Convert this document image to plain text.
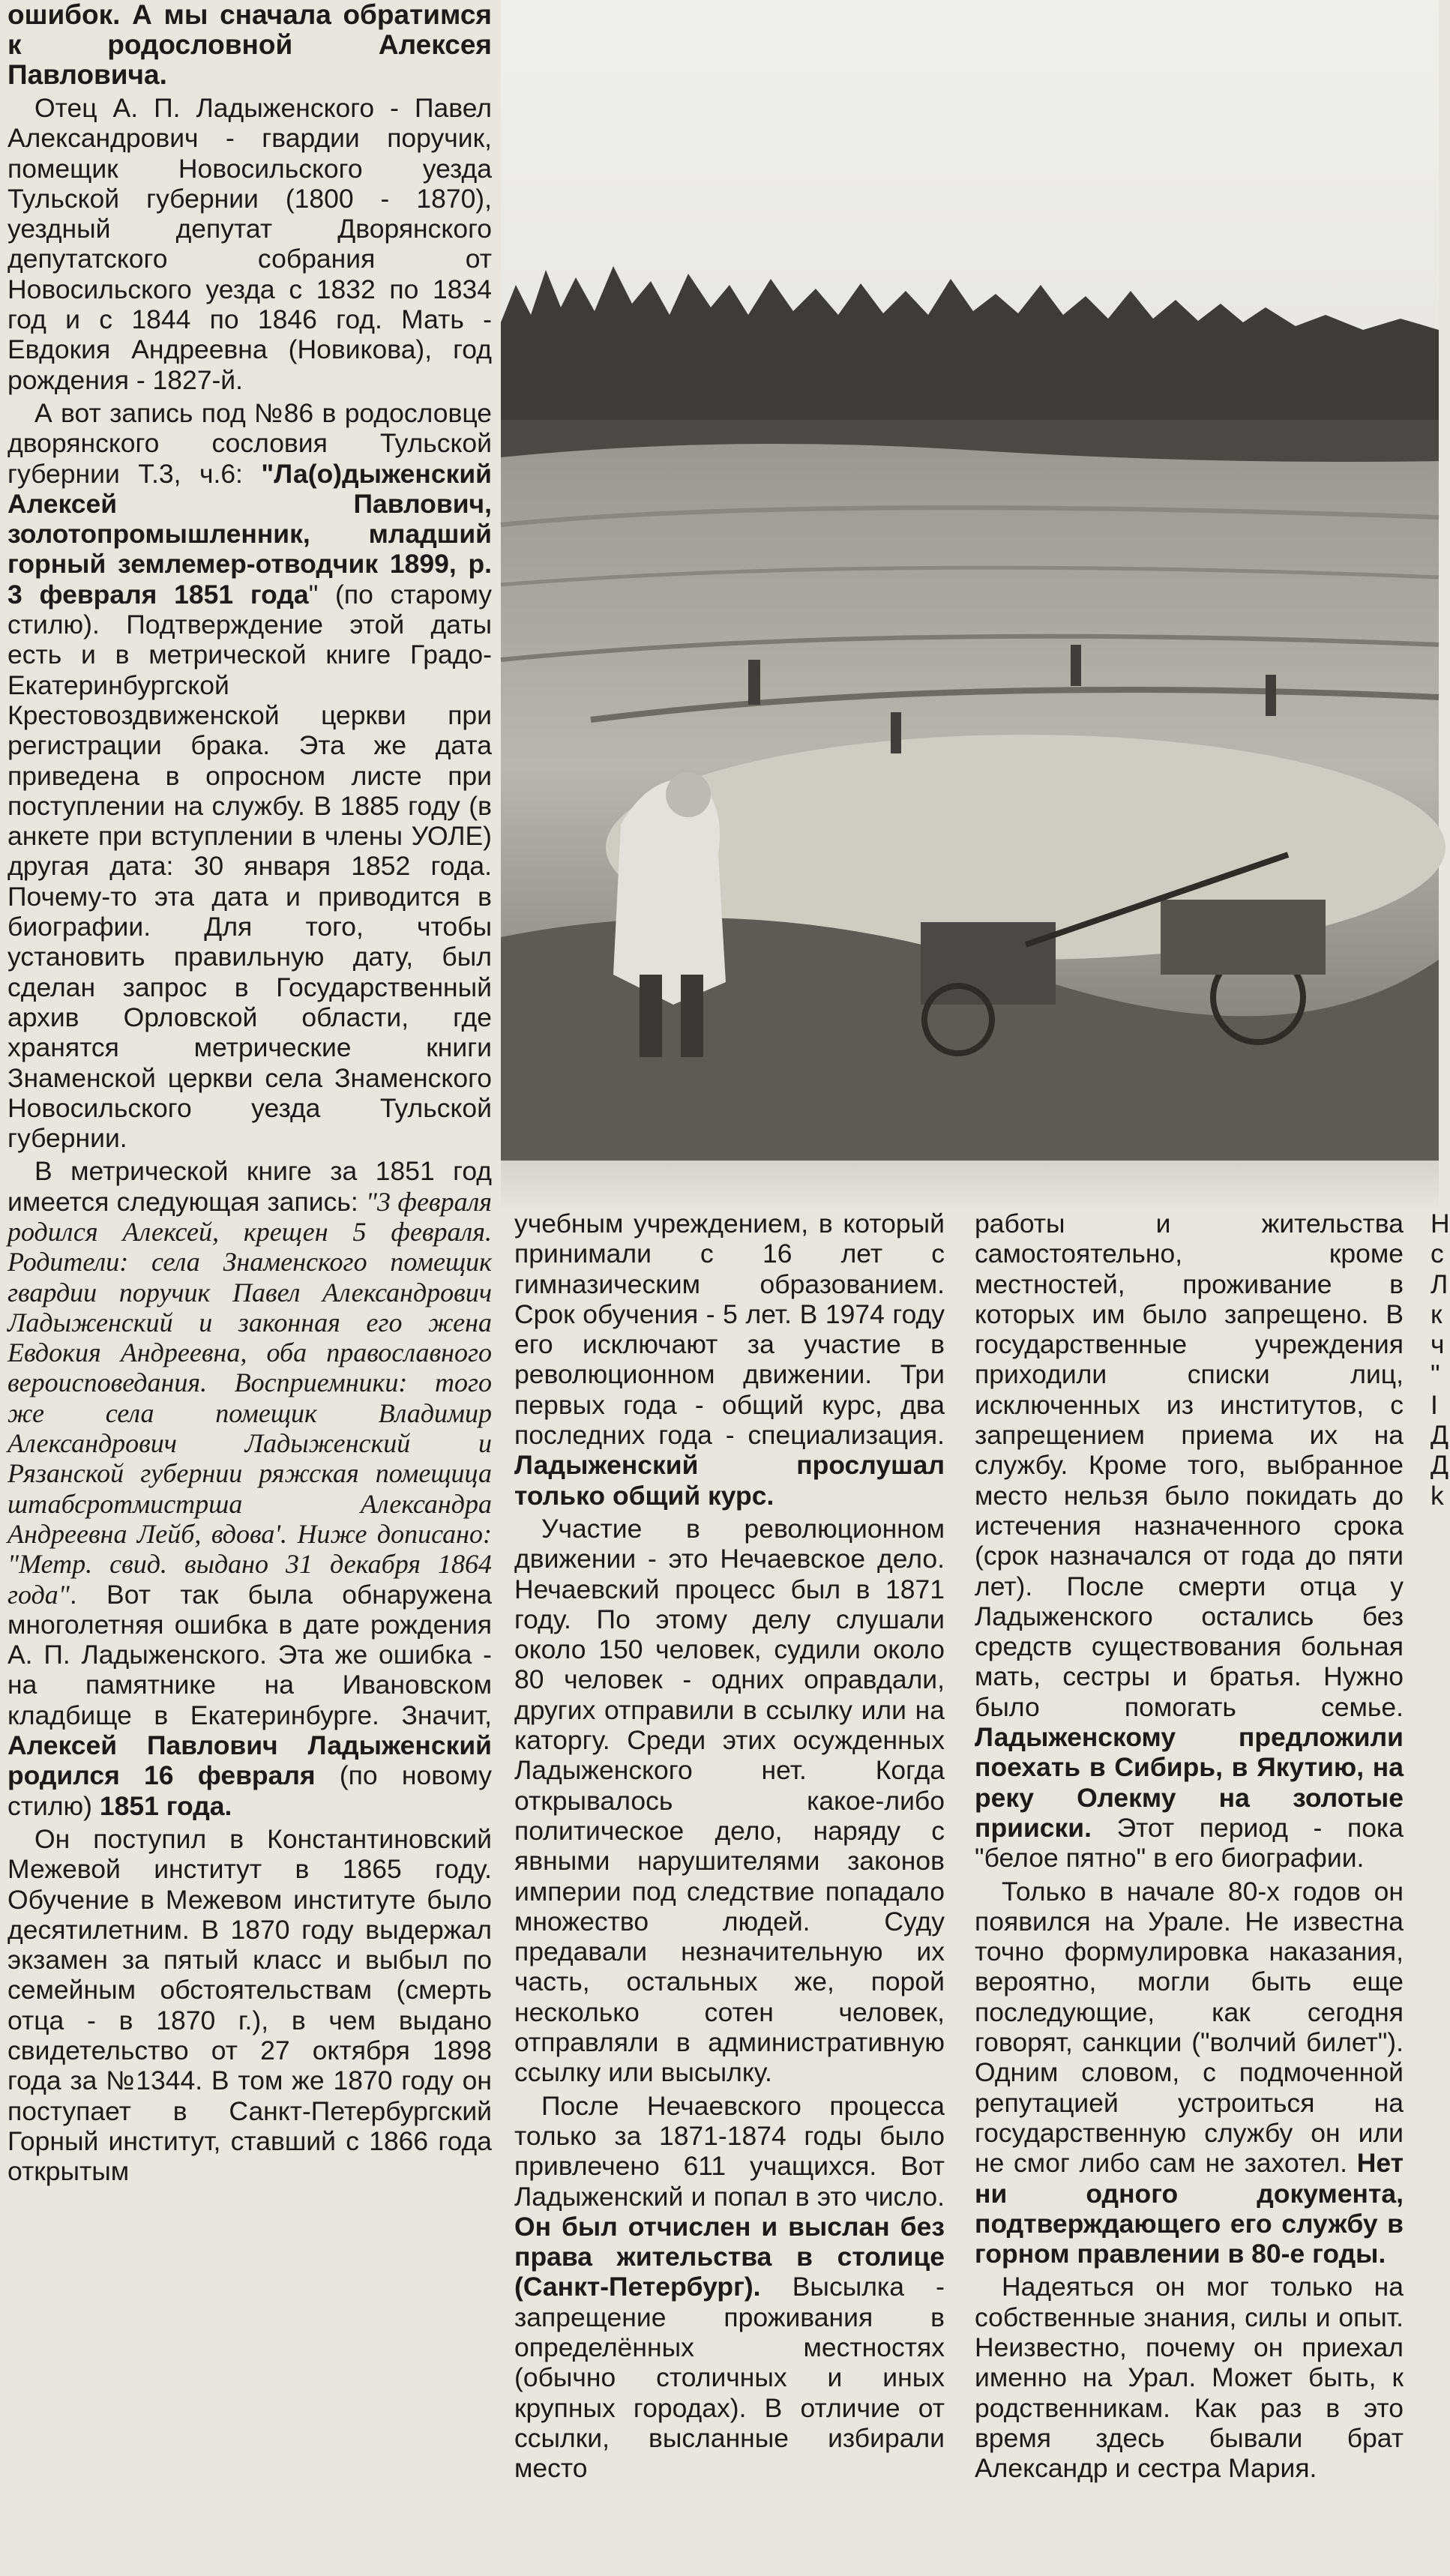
ошибок. А мы сначала обратимся к родословной Алексея Павловича.

Отец А. П. Ладыженского - Павел Александрович - гвардии поручик, помещик Новосильского уезда Тульской губернии (1800 - 1870), уездный депутат Дворянского депутатского собрания от Новосильского уезда с 1832 по 1834 год и с 1844 по 1846 год. Мать - Евдокия Андреевна (Новикова), год рождения - 1827-й.

А вот запись под №86 в родословце дворянского сословия Тульской губернии Т.3, ч.6: "Ла(о)дыженский Алексей Павлович, золотопромышленник, младший горный землемер-отводчик 1899, р. 3 февраля 1851 года" (по старому стилю). Подтверждение этой даты есть и в метрической книге Градо-Екатеринбургской Крестовоздвиженской церкви при регистрации брака. Эта же дата приведена в опросном листе при поступлении на службу. В 1885 году (в анкете при вступлении в члены УОЛЕ) другая дата: 30 января 1852 года. Почему-то эта дата и приводится в биографии. Для того, чтобы установить правильную дату, был сделан запрос в Государственный архив Орловской области, где хранятся метрические книги Знаменской церкви села Знаменского Новосильского уезда Тульской губернии.

В метрической книге за 1851 год имеется следующая запись: "3 февраля родился Алексей, крещен 5 февраля. Родители: села Знаменского помещик гвардии поручик Павел Александрович Ладыженский и законная его жена Евдокия Андреевна, оба православного вероисповедания. Восприемники: того же села помещик Владимир Александрович Ладыженский и Рязанской губернии ряжская помещица штабсротмистрша Александра Андреевна Лейб, вдова'. Ниже дописано: "Метр. свид. выдано 31 декабря 1864 года". Вот так была обнаружена многолетняя ошибка в дате рождения А. П. Ладыженского. Эта же ошибка - на памятнике на Ивановском кладбище в Екатеринбурге. Значит, Алексей Павлович Ладыженский родился 16 февраля (по новому стилю) 1851 года.

Он поступил в Константиновский Межевой институт в 1865 году. Обучение в Межевом институте было десятилетним. В 1870 году выдержал экзамен за пятый класс и выбыл по семейным обстоятельствам (смерть отца - в 1870 г.), в чем выдано свидетельство от 27 октября 1898 года за №1344. В том же 1870 году он поступает в Санкт-Петербургский Горный институт, ставший с 1866 года открытым

учебным учреждением, в который принимали с 16 лет с гимназическим образованием. Срок обучения - 5 лет. В 1974 году его исключают за участие в революционном движении. Три первых года - общий курс, два последних года - специализация. Ладыженский прослушал только общий курс.

Участие в революционном движении - это Нечаевское дело. Нечаевский процесс был в 1871 году. По этому делу слушали около 150 человек, судили около 80 человек - одних оправдали, других отправили в ссылку или на каторгу. Среди этих осужденных Ладыженского нет. Когда открывалось какое-либо политическое дело, наряду с явными нарушителями законов империи под следствие попадало множество людей. Суду предавали незначительную их часть, остальных же, порой несколько сотен человек, отправляли в административную ссылку или высылку.

После Нечаевского процесса только за 1871-1874 годы было привлечено 611 учащихся. Вот Ладыженский и попал в это число. Он был отчислен и выслан без права жительства в столице (Санкт-Петербург). Высылка - запрещение проживания в определённых местностях (обычно столичных и иных крупных городах). В отличие от ссылки, высланные избирали место

работы и жительства самостоятельно, кроме местностей, проживание в которых им было запрещено. В государственные учреждения приходили списки лиц, исключенных из институтов, с запрещением приема их на службу. Кроме того, выбранное место нельзя было покидать до истечения назначенного срока (срок назначался от года до пяти лет). После смерти отца у Ладыженского остались без средств существования больная мать, сестры и братья. Нужно было помогать семье. Ладыженскому предложили поехать в Сибирь, в Якутию, на реку Олекму на золотые прииски. Этот период - пока "белое пятно" в его биографии.

Только в начале 80-х годов он появился на Урале. Не известна точно формулировка наказания, вероятно, могли быть еще последующие, как сегодня говорят, санкции ("волчий билет"). Одним словом, с подмоченной репутацией устроиться на государственную службу он или не смог либо сам не захотел. Нет ни одного документа, подтверждающего его службу в горном правлении в 80-е годы.

Надеяться он мог только на собственные знания, силы и опыт. Неизвестно, почему он приехал именно на Урал. Может быть, к родственникам. Как раз в это время здесь бывали брат Александр и сестра Мария.

Н с Л к ч " I Д Д k
